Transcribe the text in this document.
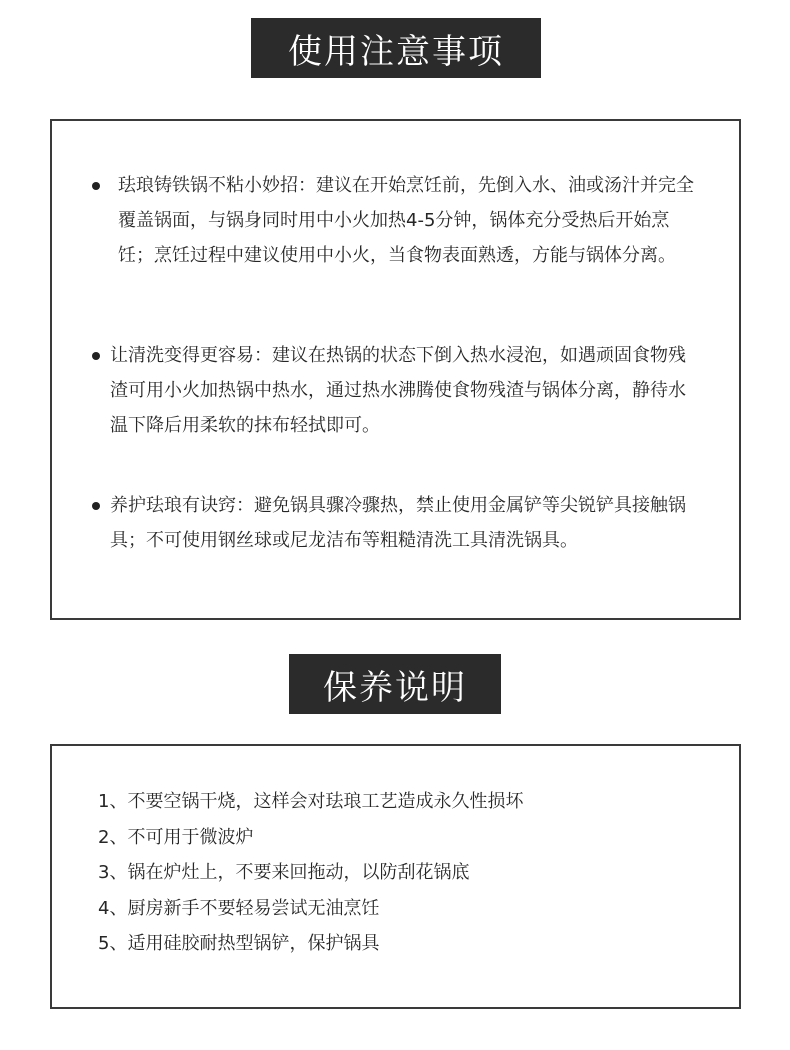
使用注意事项
珐琅铸铁锅不粘小妙招：建议在开始烹饪前，先倒入水、油或汤汁并完全覆盖锅面，与锅身同时用中小火加热4-5分钟，锅体充分受热后开始烹饪；烹饪过程中建议使用中小火，当食物表面熟透，方能与锅体分离。
让清洗变得更容易：建议在热锅的状态下倒入热水浸泡，如遇顽固食物残渣可用小火加热锅中热水，通过热水沸腾使食物残渣与锅体分离，静待水温下降后用柔软的抹布轻拭即可。
养护珐琅有诀窍：避免锅具骤冷骤热，禁止使用金属铲等尖锐铲具接触锅具；不可使用钢丝球或尼龙洁布等粗糙清洗工具清洗锅具。
保养说明
1、不要空锅干烧，这样会对珐琅工艺造成永久性损坏
2、不可用于微波炉
3、锅在炉灶上，不要来回拖动，以防刮花锅底
4、厨房新手不要轻易尝试无油烹饪
5、适用硅胶耐热型锅铲，保护锅具
